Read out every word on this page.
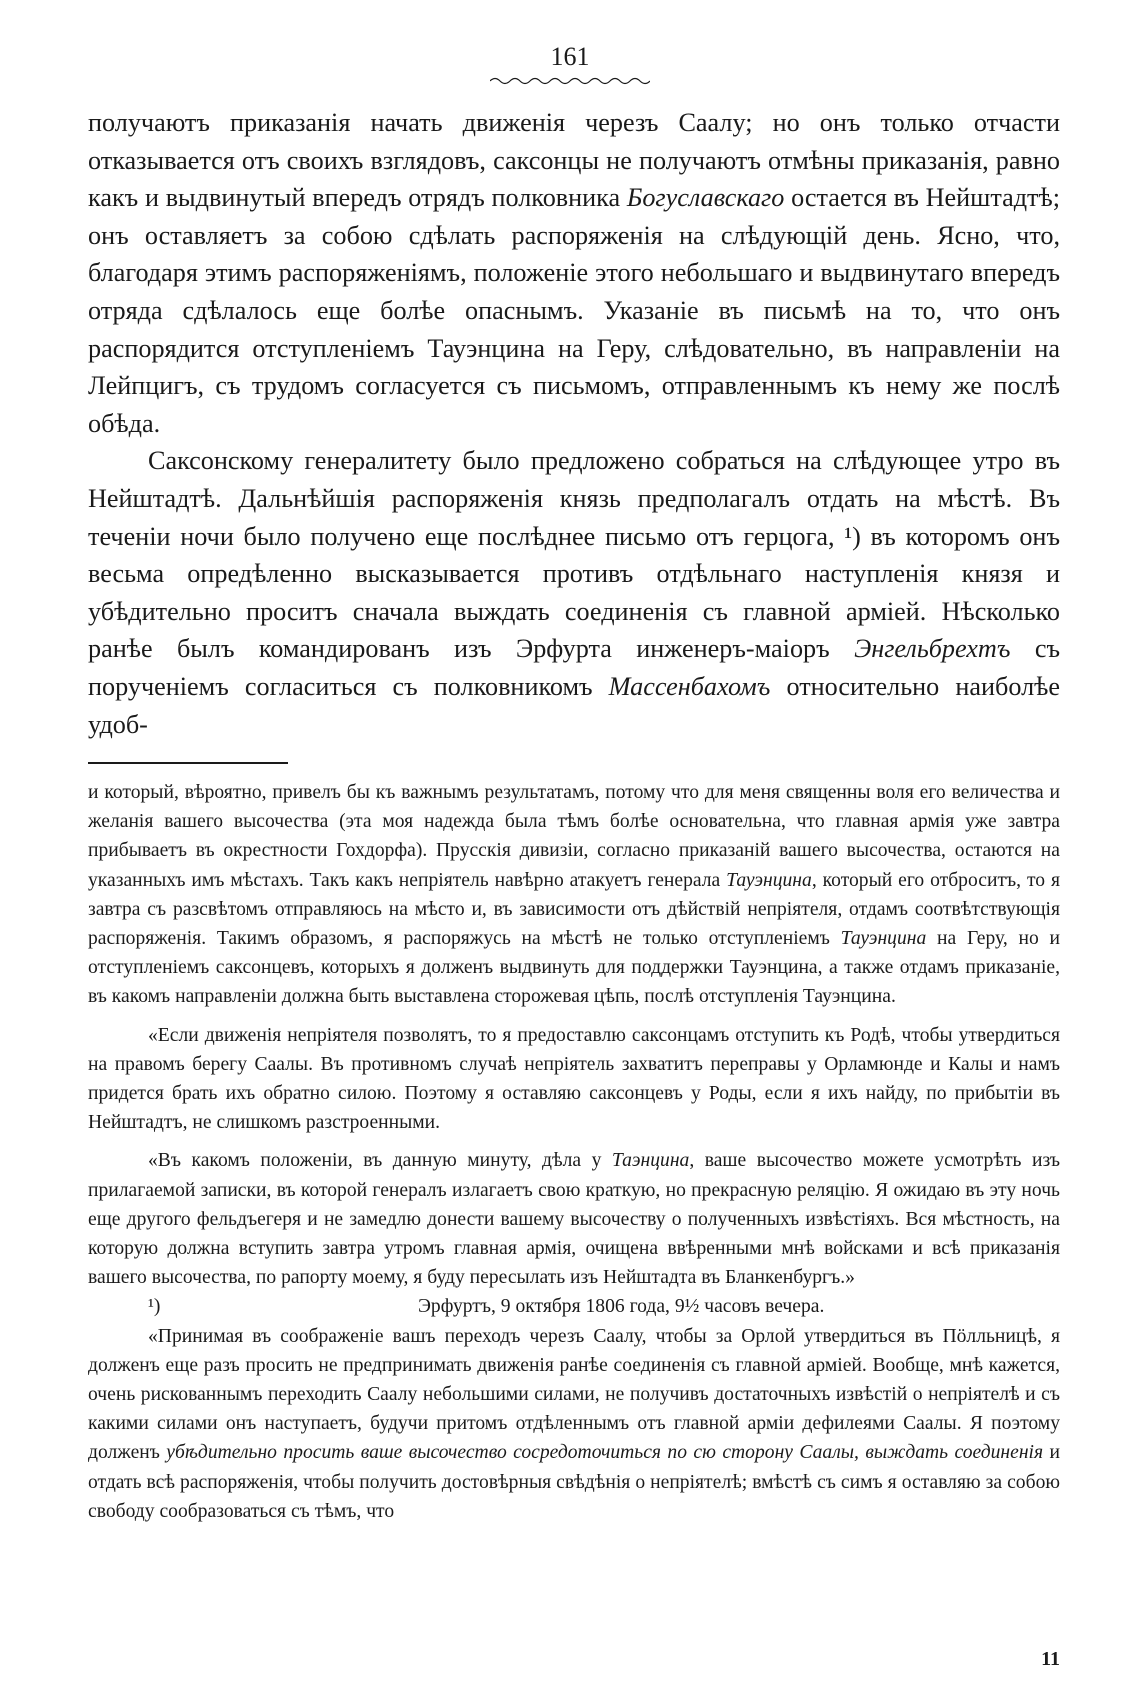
161

получаютъ приказанія начать движенія черезъ Саалу; но онъ только отчасти отказывается отъ своихъ взглядовъ, саксонцы не получаютъ отмѣны приказанія, равно какъ и выдвинутый впередъ отрядъ полковника Богуславскаго остается въ Нейштадтѣ; онъ оставляетъ за собою сдѣлать распоряженія на слѣдующій день. Ясно, что, благодаря этимъ распоряженіямъ, положеніе этого небольшаго и выдвинутаго впередъ отряда сдѣлалось еще болѣе опаснымъ. Указаніе въ письмѣ на то, что онъ распорядится отступленіемъ Тауэнцина на Геру, слѣдовательно, въ направленіи на Лейпцигъ, съ трудомъ согласуется съ письмомъ, отправленнымъ къ нему же послѣ обѣда.

Саксонскому генералитету было предложено собраться на слѣдующее утро въ Нейштадтѣ. Дальнѣйшія распоряженія князь предполагалъ отдать на мѣстѣ. Въ теченіи ночи было получено еще послѣднее письмо отъ герцога, ¹) въ которомъ онъ весьма опредѣленно высказывается противъ отдѣльнаго наступленія князя и убѣдительно проситъ сначала выждать соединенія съ главной арміей. Нѣсколько ранѣе былъ командированъ изъ Эрфурта инженеръ-маіоръ Энгельбрехтъ съ порученіемъ согласиться съ полковникомъ Массенбахомъ относительно наиболѣе удоб-

и который, вѣроятно, привелъ бы къ важнымъ результатамъ, потому что для меня священны воля его величества и желанія вашего высочества (эта моя надежда была тѣмъ болѣе основательна, что главная армія уже завтра прибываетъ въ окрестности Гохдорфа). Прусскія дивизіи, согласно приказаній вашего высочества, остаются на указанныхъ имъ мѣстахъ. Такъ какъ непріятель навѣрно атакуетъ генерала Тауэнцина, который его отброситъ, то я завтра съ разсвѣтомъ отправляюсь на мѣсто и, въ зависимости отъ дѣйствій непріятеля, отдамъ соотвѣтствующія распоряженія. Такимъ образомъ, я распоряжусь на мѣстѣ не только отступленіемъ Тауэнцина на Геру, но и отступленіемъ саксонцевъ, которыхъ я долженъ выдвинуть для поддержки Тауэнцина, а также отдамъ приказаніе, въ какомъ направленіи должна быть выставлена сторожевая цѣпь, послѣ отступленія Тауэнцина.

«Если движенія непріятеля позволятъ, то я предоставлю саксонцамъ отступить къ Родѣ, чтобы утвердиться на правомъ берегу Саалы. Въ противномъ случаѣ непріятель захватитъ переправы у Орламюнде и Калы и намъ придется брать ихъ обратно силою. Поэтому я оставляю саксонцевъ у Роды, если я ихъ найду, по прибытіи въ Нейштадтъ, не слишкомъ разстроенными.

«Въ какомъ положеніи, въ данную минуту, дѣла у Таэнцина, ваше высочество можете усмотрѣть изъ прилагаемой записки, въ которой генералъ излагаетъ свою краткую, но прекрасную реляцію. Я ожидаю въ эту ночь еще другого фельдъегеря и не замедлю донести вашему высочеству о полученныхъ извѣстіяхъ. Вся мѣстность, на которую должна вступить завтра утромъ главная армія, очищена ввѣренными мнѣ войсками и всѣ приказанія вашего высочества, по рапорту моему, я буду пересылать изъ Нейштадта въ Бланкенбургъ.»

¹)	Эрфуртъ, 9 октября 1806 года, 9½ часовъ вечера.

«Принимая въ соображеніе вашъ переходъ черезъ Саалу, чтобы за Орлой утвердиться въ Пöлльницѣ, я долженъ еще разъ просить не предпринимать движенія ранѣе соединенія съ главной арміей. Вообще, мнѣ кажется, очень рискованнымъ переходить Саалу небольшими силами, не получивъ достаточныхъ извѣстій о непріятелѣ и съ какими силами онъ наступаетъ, будучи притомъ отдѣленнымъ отъ главной арміи дефилеями Саалы. Я поэтому долженъ убѣдительно просить ваше высочество сосредоточиться по сю сторону Саалы, выждать соединенія и отдать всѣ распоряженія, чтобы получить достовѣрныя свѣдѣнія о непріятелѣ; вмѣстѣ съ симъ я оставляю за собою свободу сообразоваться съ тѣмъ, что

11
